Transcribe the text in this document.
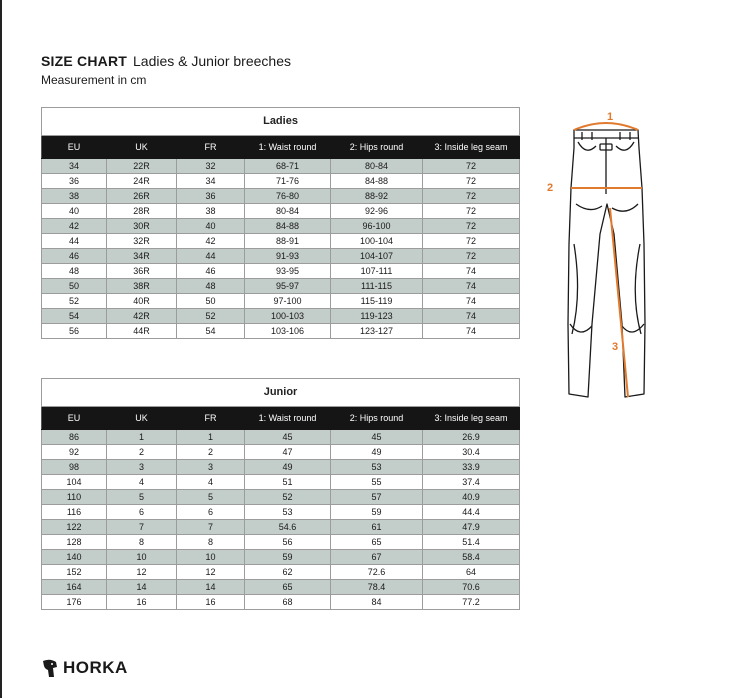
SIZE CHART Ladies & Junior breeches
Measurement in cm
Ladies					
EU	UK	FR	1: Waist round	2: Hips round	3: Inside leg seam
34	22R	32	68-71	80-84	72
36	24R	34	71-76	84-88	72
38	26R	36	76-80	88-92	72
40	28R	38	80-84	92-96	72
42	30R	40	84-88	96-100	72
44	32R	42	88-91	100-104	72
46	34R	44	91-93	104-107	72
48	36R	46	93-95	107-111	74
50	38R	48	95-97	111-115	74
52	40R	50	97-100	115-119	74
54	42R	52	100-103	119-123	74
56	44R	54	103-106	123-127	74
Junior					
EU	UK	FR	1: Waist round	2: Hips round	3: Inside leg seam
86	1	1	45	45	26.9
92	2	2	47	49	30.4
98	3	3	49	53	33.9
104	4	4	51	55	37.4
110	5	5	52	57	40.9
116	6	6	53	59	44.4
122	7	7	54.6	61	47.9
128	8	8	56	65	51.4
140	10	10	59	67	58.4
152	12	12	62	72.6	64
164	14	14	65	78.4	70.6
176	16	16	68	84	77.2
1
2
3
HORKA
